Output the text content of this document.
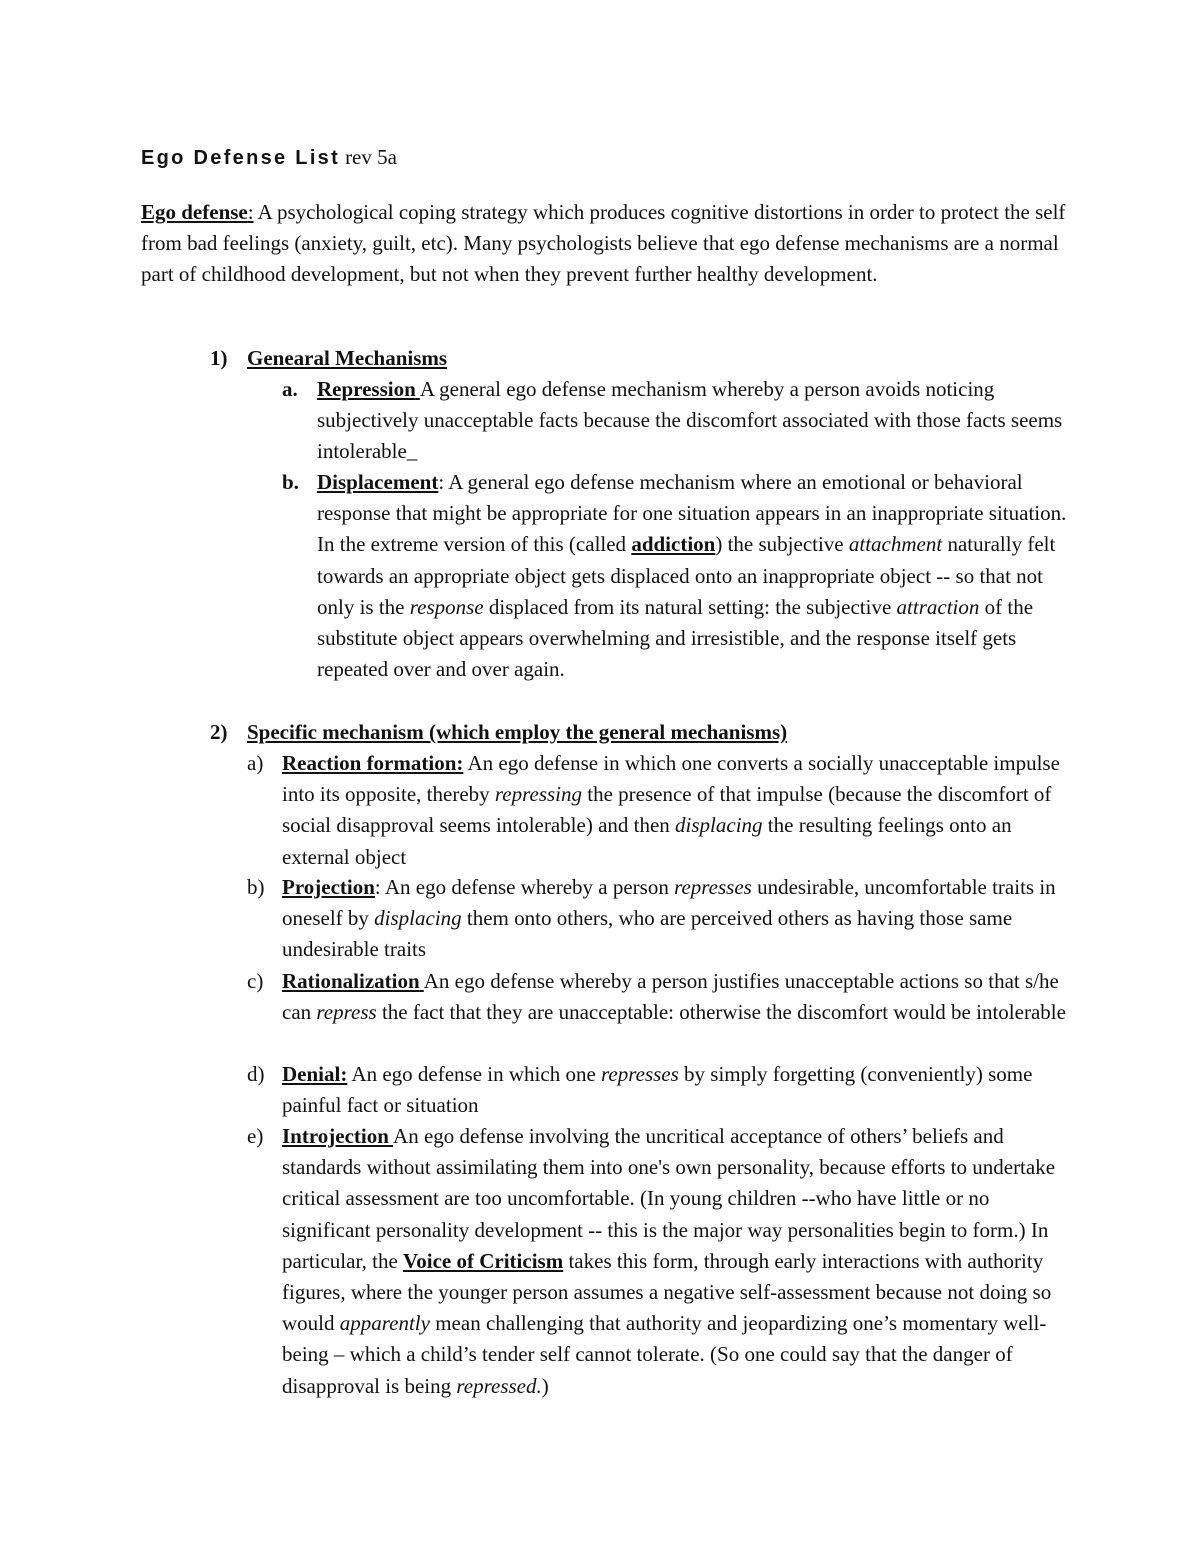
Ego Defense List rev 5a

Ego defense: A psychological coping strategy which produces cognitive distortions in order to protect the self from bad feelings (anxiety, guilt, etc). Many psychologists believe that ego defense mechanisms are a normal part of childhood development, but not when they prevent further healthy development.

1) Genearal Mechanisms
a. Repression A general ego defense mechanism whereby a person avoids noticing subjectively unacceptable facts because the discomfort associated with those facts seems intolerable_
b. Displacement: A general ego defense mechanism where an emotional or behavioral response that might be appropriate for one situation appears in an inappropriate situation. In the extreme version of this (called addiction) the subjective attachment naturally felt towards an appropriate object gets displaced onto an inappropriate object -- so that not only is the response displaced from its natural setting: the subjective attraction of the substitute object appears overwhelming and irresistible, and the response itself gets repeated over and over again.
2) Specific mechanism (which employ the general mechanisms)
a) Reaction formation: An ego defense in which one converts a socially unacceptable impulse into its opposite, thereby repressing the presence of that impulse (because the discomfort of social disapproval seems intolerable) and then displacing the resulting feelings onto an external object
b) Projection: An ego defense whereby a person represses undesirable, uncomfortable traits in oneself by displacing them onto others, who are perceived others as having those same undesirable traits
c) Rationalization An ego defense whereby a person justifies unacceptable actions so that s/he can repress the fact that they are unacceptable: otherwise the discomfort would be intolerable
d) Denial: An ego defense in which one represses by simply forgetting (conveniently) some painful fact or situation
e) Introjection An ego defense involving the uncritical acceptance of others’ beliefs and standards without assimilating them into one's own personality, because efforts to undertake critical assessment are too uncomfortable. (In young children --who have little or no significant personality development -- this is the major way personalities begin to form.) In particular, the Voice of Criticism takes this form, through early interactions with authority figures, where the younger person assumes a negative self-assessment because not doing so would apparently mean challenging that authority and jeopardizing one’s momentary well-being – which a child’s tender self cannot tolerate. (So one could say that the danger of disapproval is being repressed.)
